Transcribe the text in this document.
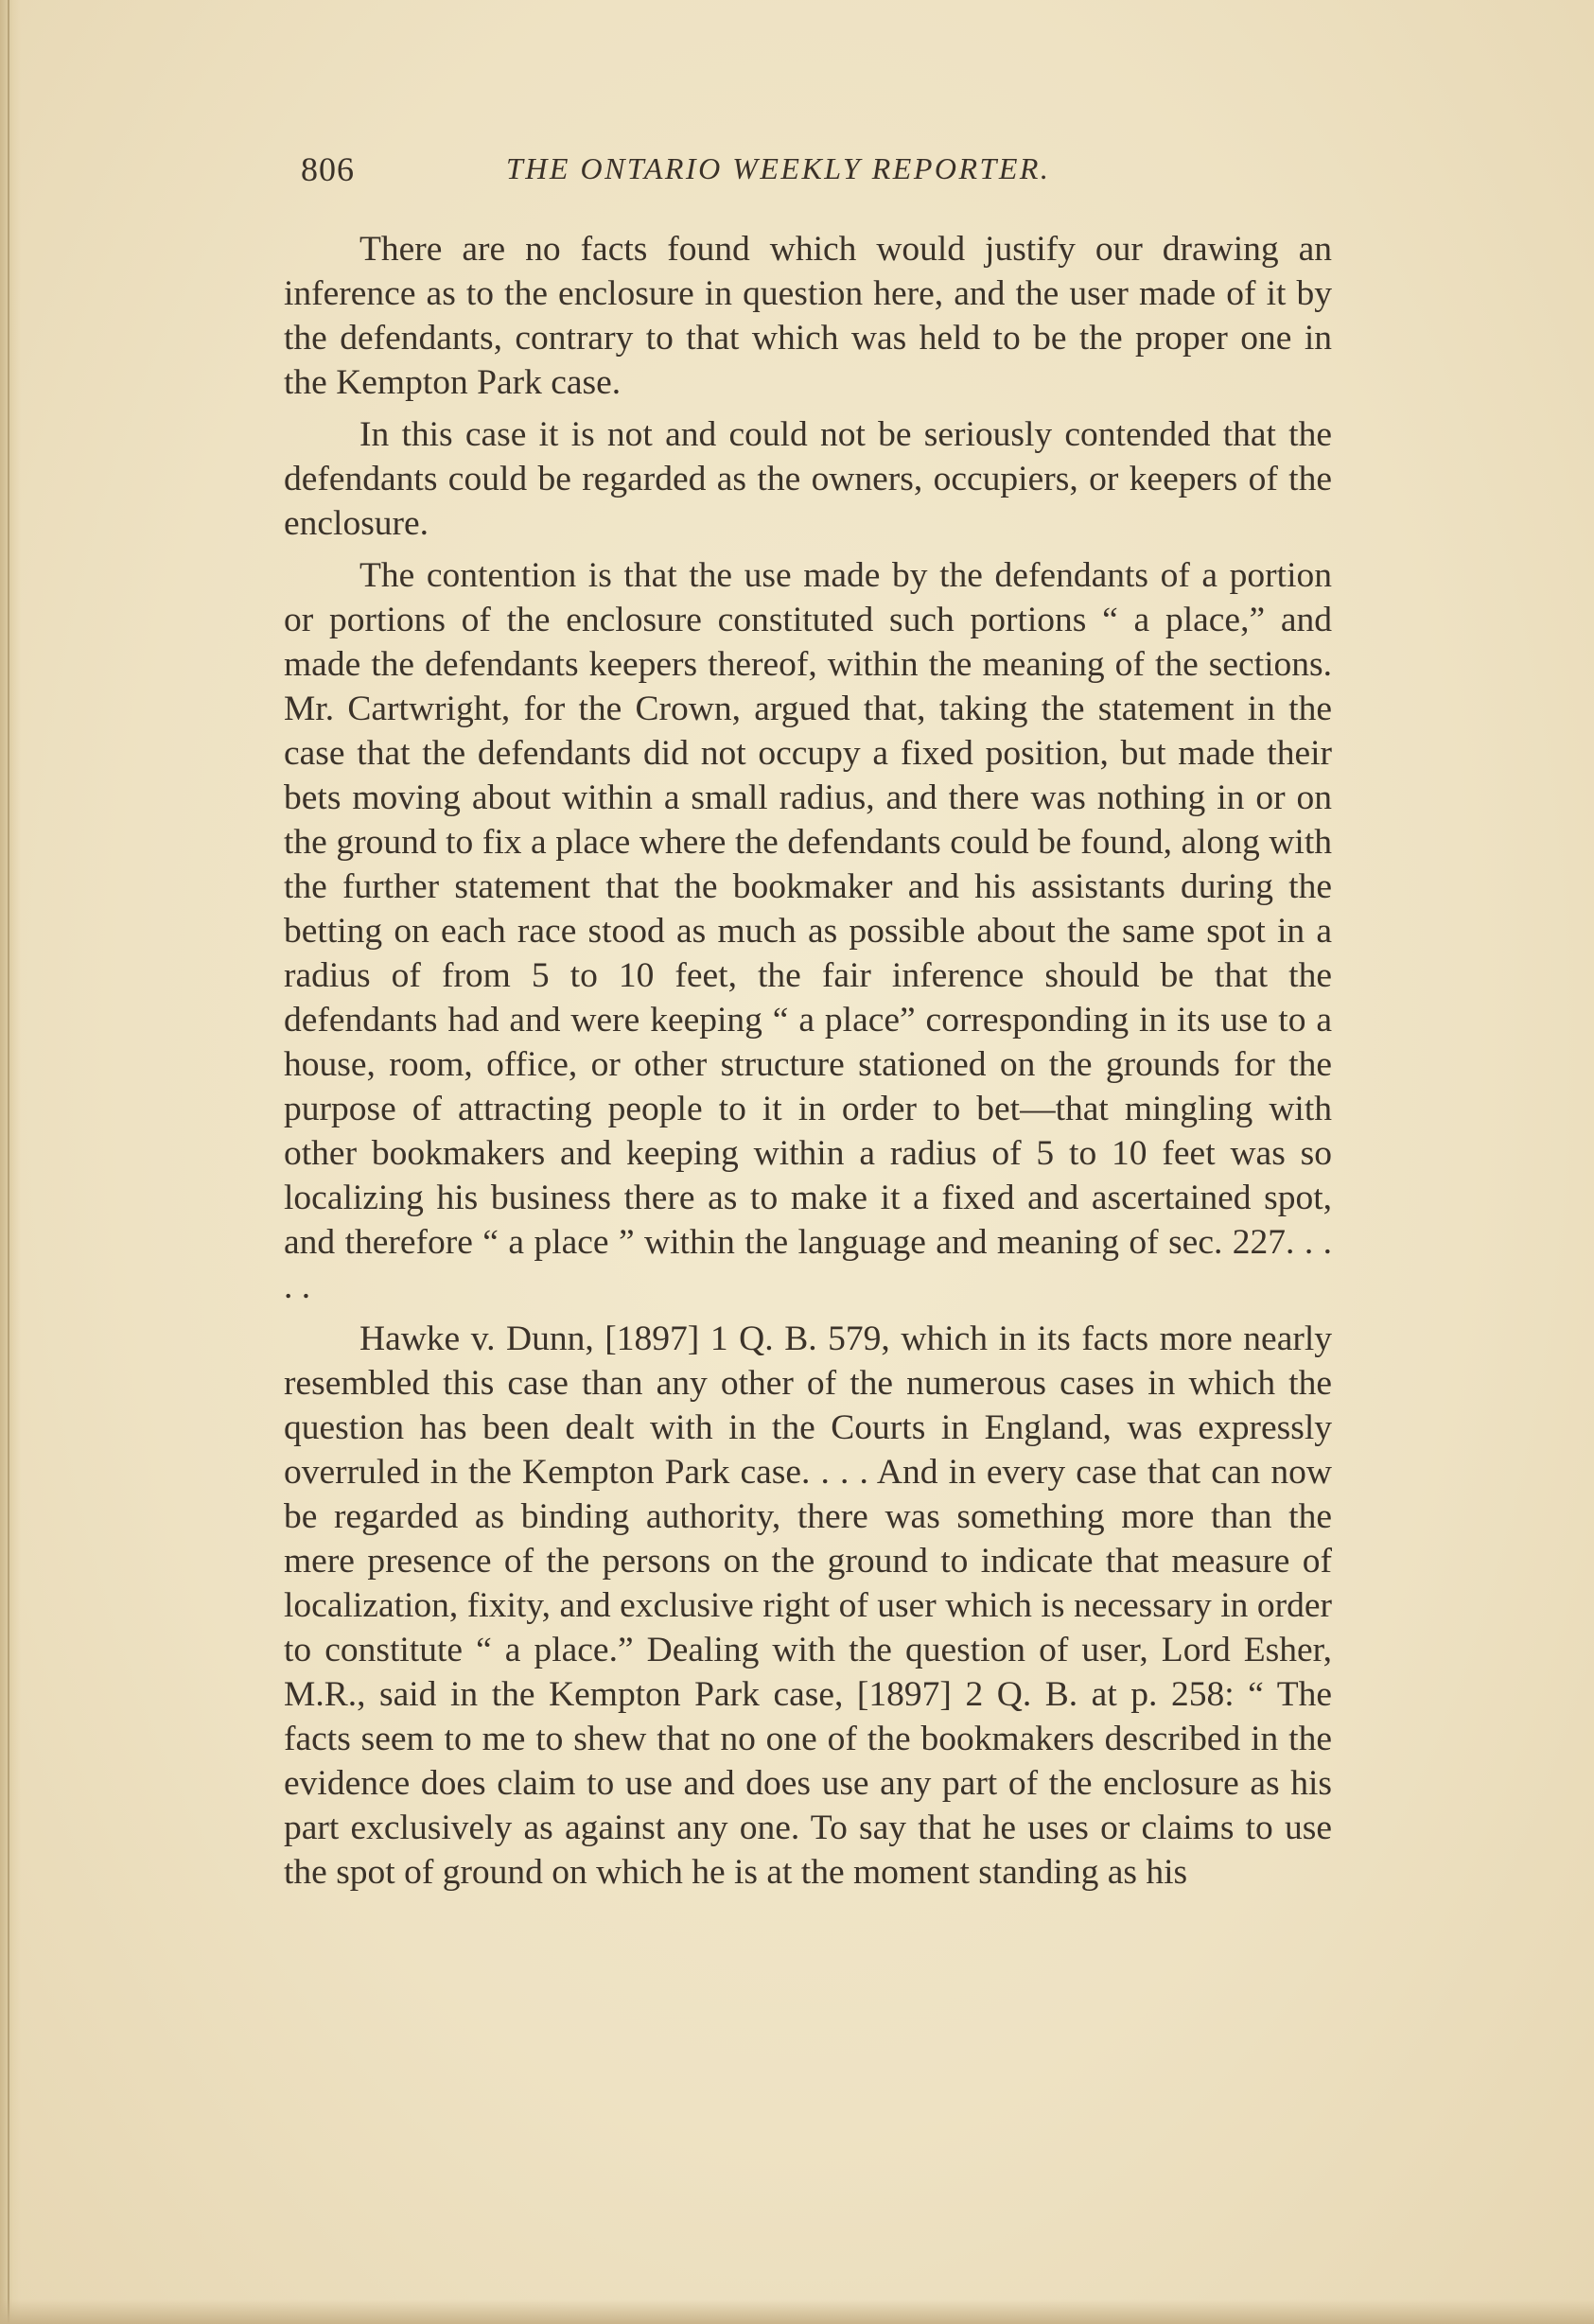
806	THE ONTARIO WEEKLY REPORTER.

There are no facts found which would justify our drawing an inference as to the enclosure in question here, and the user made of it by the defendants, contrary to that which was held to be the proper one in the Kempton Park case.

In this case it is not and could not be seriously contended that the defendants could be regarded as the owners, occupiers, or keepers of the enclosure.

The contention is that the use made by the defendants of a portion or portions of the enclosure constituted such portions “ a place,” and made the defendants keepers thereof, within the meaning of the sections. Mr. Cartwright, for the Crown, argued that, taking the statement in the case that the defendants did not occupy a fixed position, but made their bets moving about within a small radius, and there was nothing in or on the ground to fix a place where the defendants could be found, along with the further statement that the bookmaker and his assistants during the betting on each race stood as much as possible about the same spot in a radius of from 5 to 10 feet, the fair inference should be that the defendants had and were keeping “ a place” corresponding in its use to a house, room, office, or other structure stationed on the grounds for the purpose of attracting people to it in order to bet—that mingling with other bookmakers and keeping within a radius of 5 to 10 feet was so localizing his business there as to make it a fixed and ascertained spot, and therefore “ a place ” within the language and meaning of sec. 227. . . . .

Hawke v. Dunn, [1897] 1 Q. B. 579, which in its facts more nearly resembled this case than any other of the numerous cases in which the question has been dealt with in the Courts in England, was expressly overruled in the Kempton Park case. . . . And in every case that can now be regarded as binding authority, there was something more than the mere presence of the persons on the ground to indicate that measure of localization, fixity, and exclusive right of user which is necessary in order to constitute “ a place.” Dealing with the question of user, Lord Esher, M.R., said in the Kempton Park case, [1897] 2 Q. B. at p. 258: “ The facts seem to me to shew that no one of the bookmakers described in the evidence does claim to use and does use any part of the enclosure as his part exclusively as against any one. To say that he uses or claims to use the spot of ground on which he is at the moment standing as his
